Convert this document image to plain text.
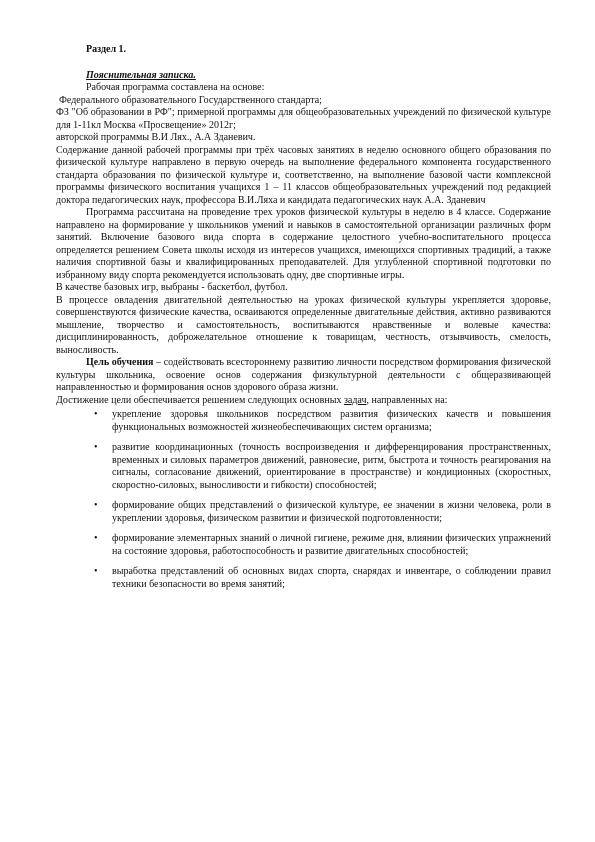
Раздел 1.
Пояснительная записка.

Рабочая программа составлена на основе:

Федерального образовательного Государственного стандарта;

ФЗ "Об образовании в РФ"; примерной программы для общеобразовательных учреждений по физической культуре для 1-11кл Москва «Просвещение» 2012г;

авторской программы В.И Лях., А.А Зданевич.

Содержание данной рабочей программы при трёх часовых занятиях в неделю основного общего образования по физической культуре направлено в первую очередь на выполнение федерального компонента государственного стандарта образования по физической культуре и, соответственно, на выполнение базовой части комплексной программы физического воспитания учащихся 1 – 11 классов общеобразовательных учреждений под редакцией доктора педагогических наук, профессора В.И.Ляха и кандидата педагогических наук А.А. Зданевич

Программа рассчитана на проведение трех уроков физической культуры в неделю в 4 классе. Содержание направлено на формирование у школьников умений и навыков в самостоятельной организации различных форм занятий. Включение базового вида спорта в содержание целостного учебно-воспитательного процесса определяется решением Совета школы исходя из интересов учащихся, имеющихся спортивных традиций, а также наличия спортивной базы и квалифицированных преподавателей. Для углубленной спортивной подготовки по избранному виду спорта рекомендуется использовать одну, две спортивные игры.

В качестве базовых игр, выбраны - баскетбол, футбол.

В процессе овладения двигательной деятельностью на уроках физической культуры укрепляется здоровье, совершенствуются физические качества, осваиваются определенные двигательные действия, активно развиваются мышление, творчество и самостоятельность, воспитываются нравственные и волевые качества: дисциплинированность, доброжелательное отношение к товарищам, честность, отзывчивость, смелость, выносливость.

Цель обучения – содействовать всестороннему развитию личности посредством формирования физической культуры школьника, освоение основ содержания физкультурной деятельности с общеразвивающей направленностью и формирования основ здорового образа жизни.

Достижение цели обеспечивается решением следующих основных задач, направленных на:

• укрепление здоровья школьников посредством развития физических качеств и повышения функциональных возможностей жизнеобеспечивающих систем организма;
• развитие координационных (точность воспроизведения и дифференцирования пространственных, временных и силовых параметров движений, равновесие, ритм, быстрота и точность реагирования на сигналы, согласование движений, ориентирование в пространстве) и кондиционных (скоростных, скоростно-силовых, выносливости и гибкости) способностей;
• формирование общих представлений о физической культуре, ее значении в жизни человека, роли в укреплении здоровья, физическом развитии и физической подготовленности;
• формирование элементарных знаний о личной гигиене, режиме дня, влиянии физических упражнений на состояние здоровья, работоспособность и развитие двигательных способностей;
• выработка представлений об основных видах спорта, снарядах и инвентаре, о соблюдении правил техники безопасности во время занятий;
